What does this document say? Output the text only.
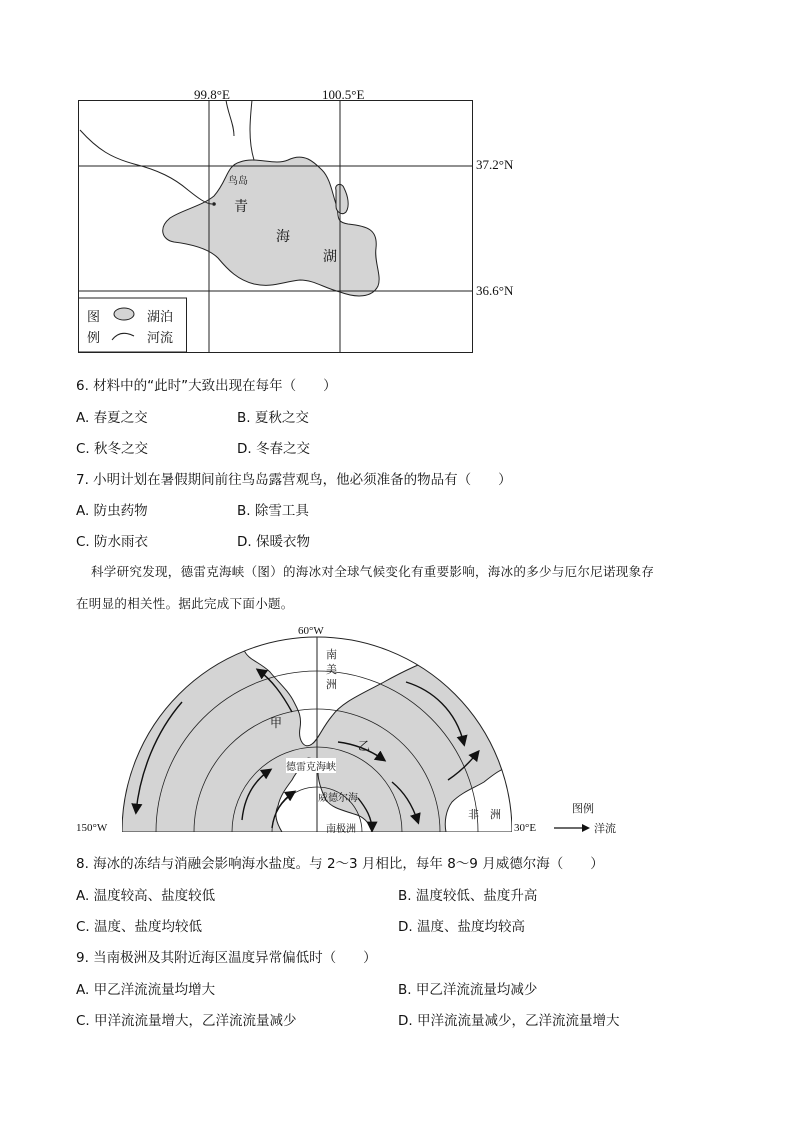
99.8°E	100.5°E
37.2°N
36.6°N
鸟岛
青
海
湖
图
例
湖泊
河流
6. 材料中的“此时”大致出现在每年（　　）
A. 春夏之交	B. 夏秋之交
C. 秋冬之交	D. 冬春之交
7. 小明计划在暑假期间前往鸟岛露营观鸟，他必须准备的物品有（　　）
A. 防虫药物	B. 除雪工具
C. 防水雨衣	D. 保暖衣物
科学研究发现，德雷克海峡（图）的海冰对全球气候变化有重要影响，海冰的多少与厄尔尼诺现象存
在明显的相关性。据此完成下面小题。
60°W
150°W	30°E
南
美
洲
非　洲
南极洲
甲
乙
德雷克海峡
威德尔海
图例
洋流
8. 海冰的冻结与消融会影响海水盐度。与 2～3 月相比，每年 8～9 月威德尔海（　　）
A. 温度较高、盐度较低	B. 温度较低、盐度升高
C. 温度、盐度均较低	D. 温度、盐度均较高
9. 当南极洲及其附近海区温度异常偏低时（　　）
A. 甲乙洋流流量均增大	B. 甲乙洋流流量均减少
C. 甲洋流流量增大，乙洋流流量减少	D. 甲洋流流量减少，乙洋流流量增大
